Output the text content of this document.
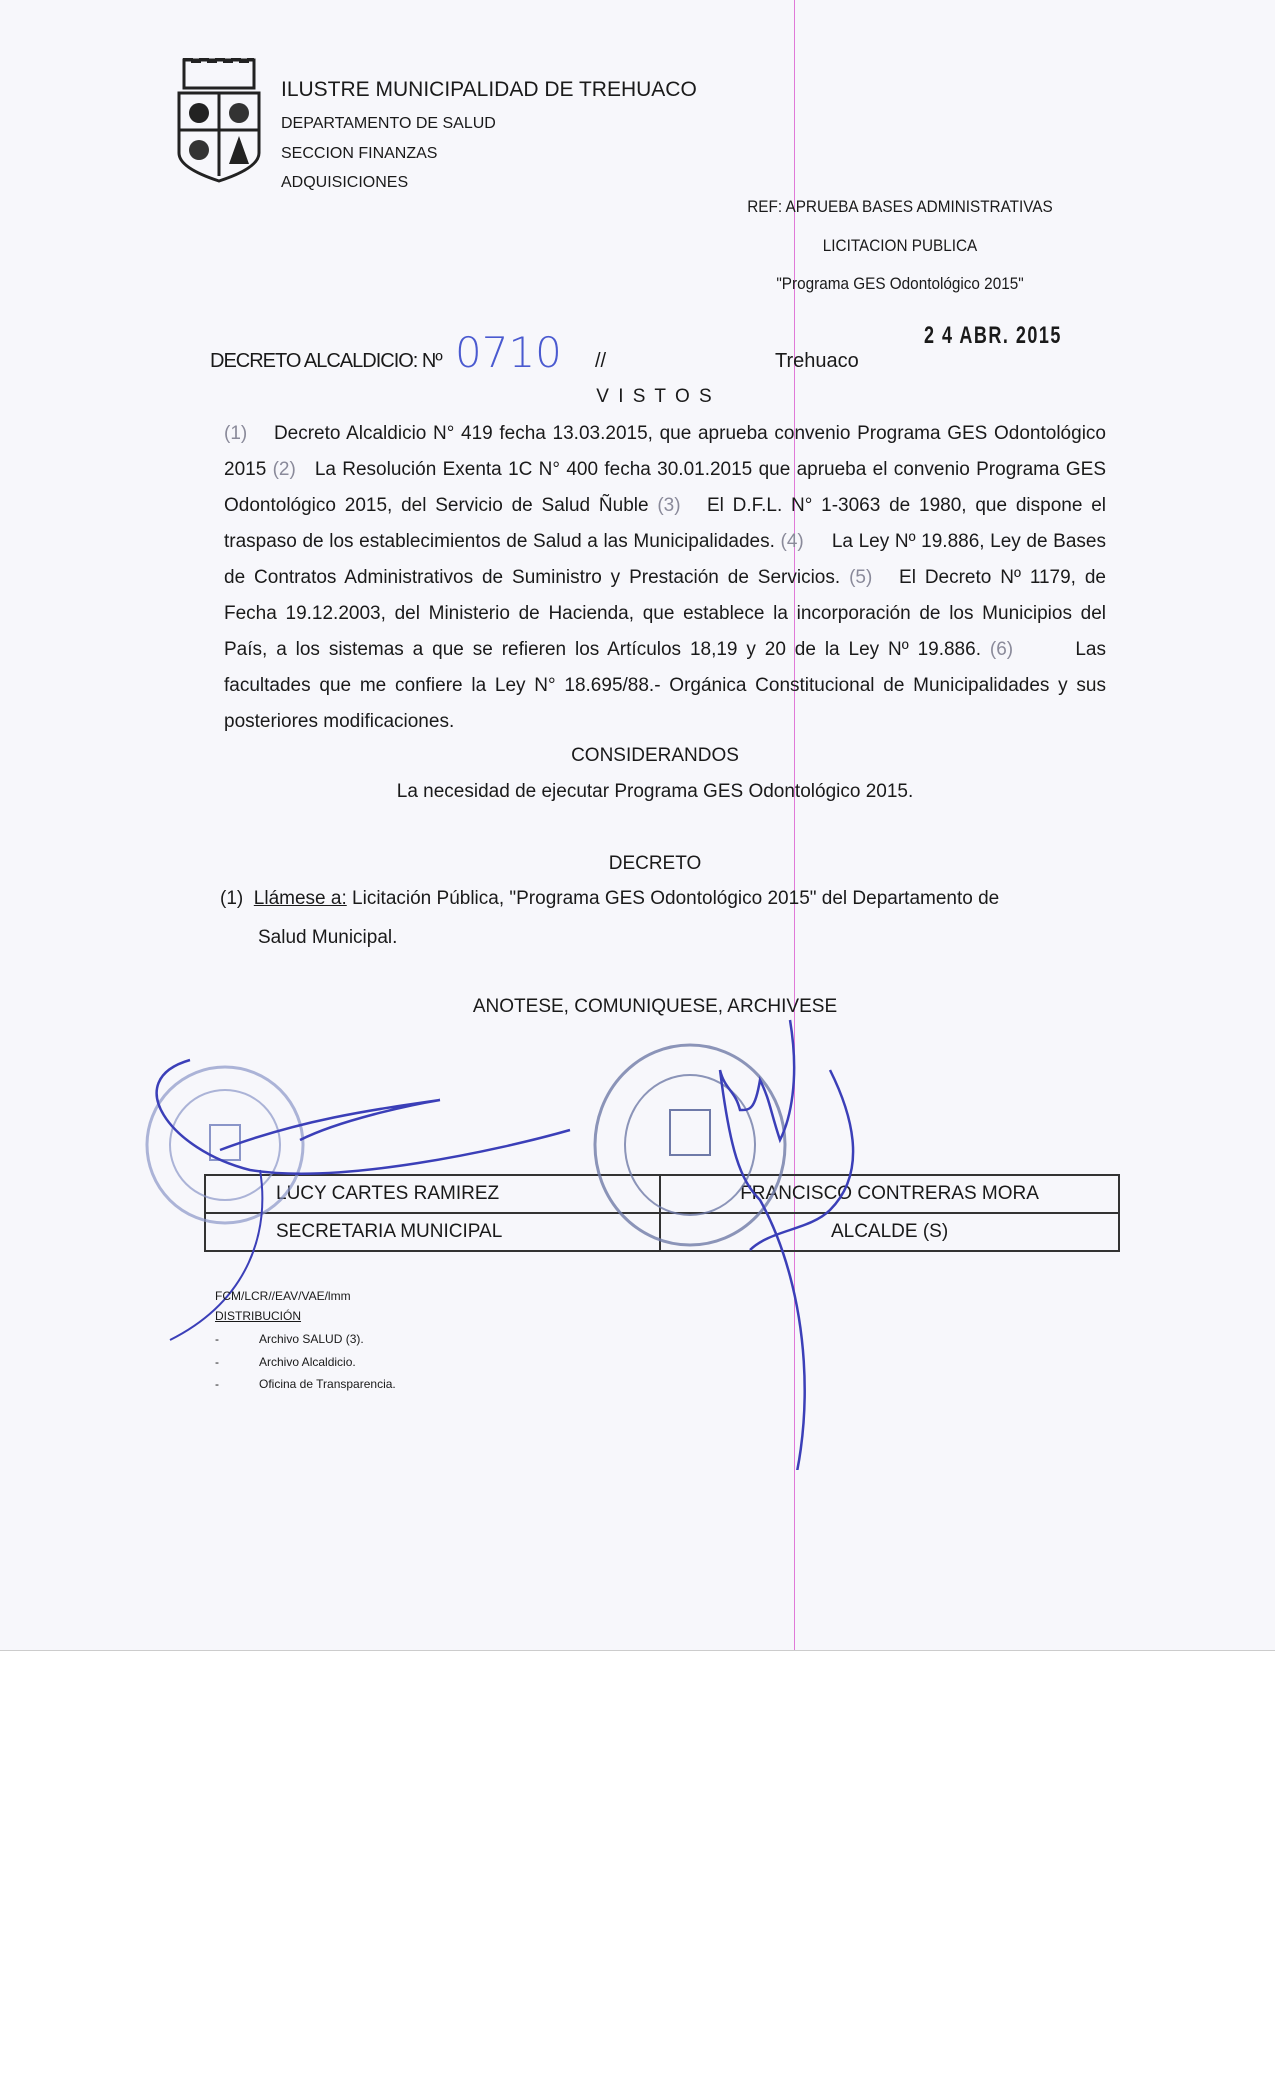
ILUSTRE MUNICIPALIDAD DE TREHUACO
DEPARTAMENTO DE SALUD
SECCION FINANZAS
ADQUISICIONES
REF: APRUEBA BASES ADMINISTRATIVAS
LICITACION PUBLICA
"Programa GES Odontológico 2015"
2 4 ABR. 2015
DECRETO ALCALDICIO: Nº 0710 //	Trehuaco
V I S T O S
(1) Decreto Alcaldicio N° 419 fecha 13.03.2015, que aprueba convenio Programa GES Odontológico 2015 (2) La Resolución Exenta 1C N° 400 fecha 30.01.2015 que aprueba el convenio Programa GES Odontológico 2015, del Servicio de Salud Ñuble (3) El D.F.L. N° 1-3063 de 1980, que dispone el traspaso de los establecimientos de Salud a las Municipalidades. (4) La Ley Nº 19.886, Ley de Bases de Contratos Administrativos de Suministro y Prestación de Servicios. (5) El Decreto Nº 1179, de Fecha 19.12.2003, del Ministerio de Hacienda, que establece la incorporación de los Municipios del País, a los sistemas a que se refieren los Artículos 18,19 y 20 de la Ley Nº 19.886. (6)	Las facultades que me confiere la Ley N° 18.695/88.- Orgánica Constitucional de Municipalidades y sus posteriores modificaciones.
CONSIDERANDOS
La necesidad de ejecutar Programa GES Odontológico 2015.
DECRETO
(1) Llámese a: Licitación Pública, "Programa GES Odontológico 2015" del Departamento de
Salud Municipal.
ANOTESE, COMUNIQUESE, ARCHIVESE
LUCY CARTES RAMIREZ	FRANCISCO CONTRERAS MORA
SECRETARIA MUNICIPAL	ALCALDE (S)
FCM/LCR//EAV/VAE/lmm
DISTRIBUCIÓN
-	Archivo SALUD (3).
-	Archivo Alcaldicio.
-	Oficina de Transparencia.
